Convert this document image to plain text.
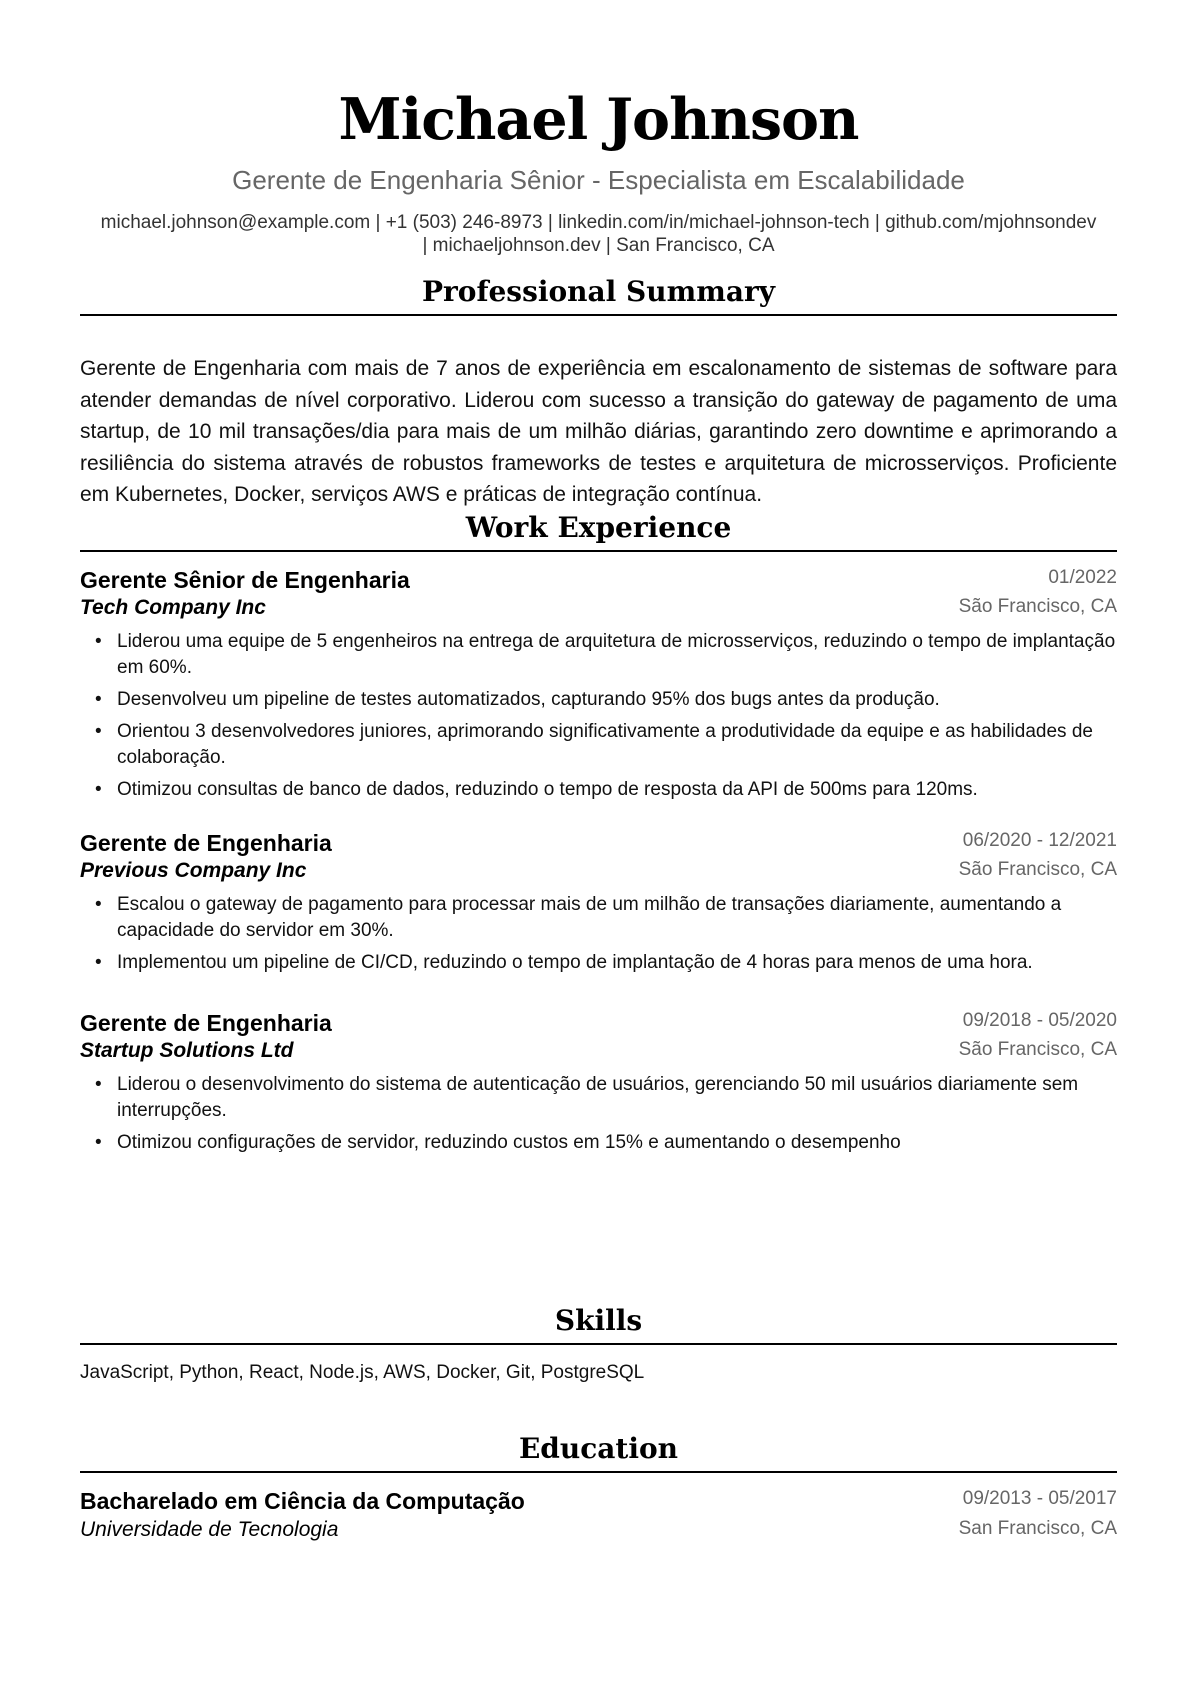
Michael Johnson
Gerente de Engenharia Sênior - Especialista em Escalabilidade
michael.johnson@example.com | +1 (503) 246-8973 | linkedin.com/in/michael-johnson-tech | github.com/mjohnsondev
| michaeljohnson.dev | San Francisco, CA
Professional Summary
Gerente de Engenharia com mais de 7 anos de experiência em escalonamento de sistemas de software para atender demandas de nível corporativo. Liderou com sucesso a transição do gateway de pagamento de uma startup, de 10 mil transações/dia para mais de um milhão diárias, garantindo zero downtime e aprimorando a resiliência do sistema através de robustos frameworks de testes e arquitetura de microsserviços. Proficiente em Kubernetes, Docker, serviços AWS e práticas de integração contínua.
Work Experience
Gerente Sênior de Engenharia	01/2022
Tech Company Inc	São Francisco, CA
• Liderou uma equipe de 5 engenheiros na entrega de arquitetura de microsserviços, reduzindo o tempo de implantação em 60%.
• Desenvolveu um pipeline de testes automatizados, capturando 95% dos bugs antes da produção.
• Orientou 3 desenvolvedores juniores, aprimorando significativamente a produtividade da equipe e as habilidades de colaboração.
• Otimizou consultas de banco de dados, reduzindo o tempo de resposta da API de 500ms para 120ms.
Gerente de Engenharia	06/2020 - 12/2021
Previous Company Inc	São Francisco, CA
• Escalou o gateway de pagamento para processar mais de um milhão de transações diariamente, aumentando a capacidade do servidor em 30%.
• Implementou um pipeline de CI/CD, reduzindo o tempo de implantação de 4 horas para menos de uma hora.
Gerente de Engenharia	09/2018 - 05/2020
Startup Solutions Ltd	São Francisco, CA
• Liderou o desenvolvimento do sistema de autenticação de usuários, gerenciando 50 mil usuários diariamente sem interrupções.
• Otimizou configurações de servidor, reduzindo custos em 15% e aumentando o desempenho
Skills
JavaScript, Python, React, Node.js, AWS, Docker, Git, PostgreSQL
Education
Bacharelado em Ciência da Computação	09/2013 - 05/2017
Universidade de Tecnologia	San Francisco, CA
